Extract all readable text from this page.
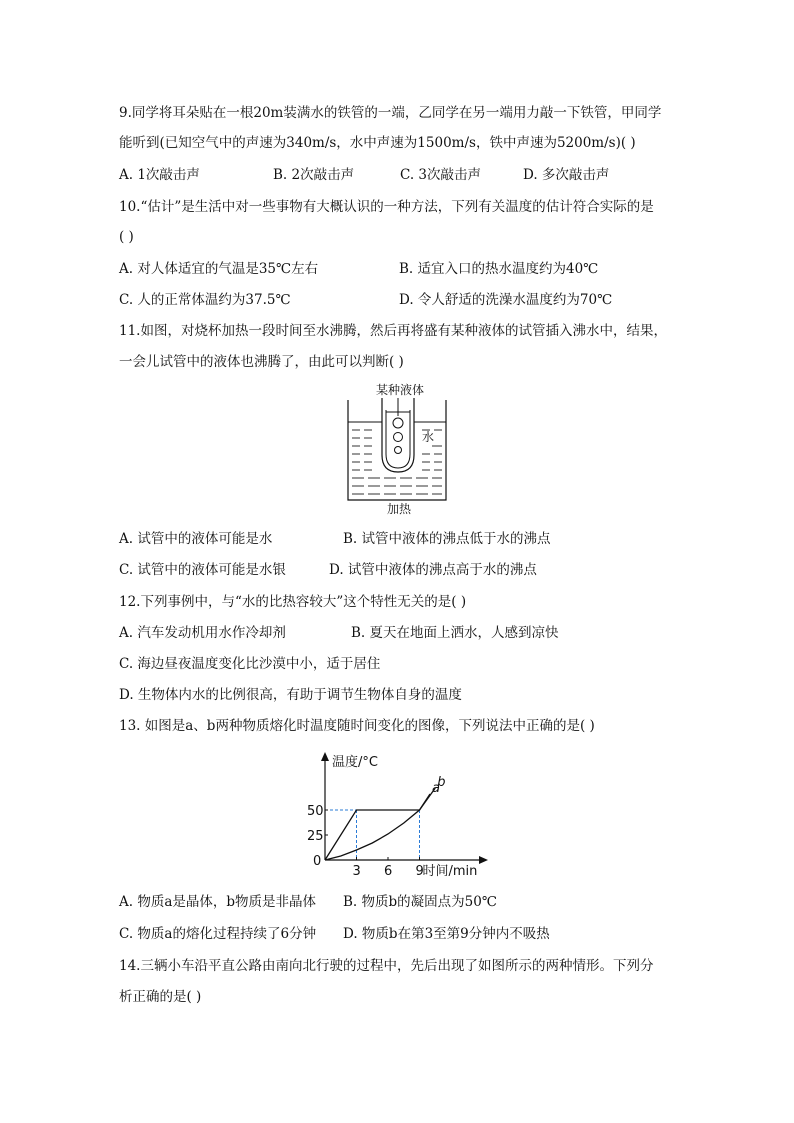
9.同学将耳朵贴在一根20m装满水的铁管的一端，乙同学在另一端用力敲一下铁管，甲同学
能听到(已知空气中的声速为340m/s，水中声速为1500m/s，铁中声速为5200m/s)( )
A. 1次敲击声	B. 2次敲击声	C. 3次敲击声	D. 多次敲击声
10.“估计”是生活中对一些事物有大概认识的一种方法，下列有关温度的估计符合实际的是
( )
A. 对人体适宜的气温是35℃左右	B. 适宜入口的热水温度约为40℃
C. 人的正常体温约为37.5℃	D. 令人舒适的洗澡水温度约为70℃
11.如图，对烧杯加热一段时间至水沸腾，然后再将盛有某种液体的试管插入沸水中，结果，
一会儿试管中的液体也沸腾了，由此可以判断( )
某种液体
水
加热
A. 试管中的液体可能是水	B. 试管中液体的沸点低于水的沸点
C. 试管中的液体可能是水银	D. 试管中液体的沸点高于水的沸点
12.下列事例中，与“水的比热容较大”这个特性无关的是( )
A. 汽车发动机用水作冷却剂	B. 夏天在地面上洒水，人感到凉快
C. 海边昼夜温度变化比沙漠中小，适于居住
D. 生物体内水的比例很高，有助于调节生物体自身的温度
13. 如图是a、b两种物质熔化时温度随时间变化的图像，下列说法中正确的是( )
a
b
3 6 9
0
25
50
温度/°C
时间/min
A. 物质a是晶体，b物质是非晶体 B. 物质b的凝固点为50℃
C. 物质a的熔化过程持续了6分钟 D. 物质b在第3至第9分钟内不吸热
14.三辆小车沿平直公路由南向北行驶的过程中，先后出现了如图所示的两种情形。下列分
析正确的是( )
